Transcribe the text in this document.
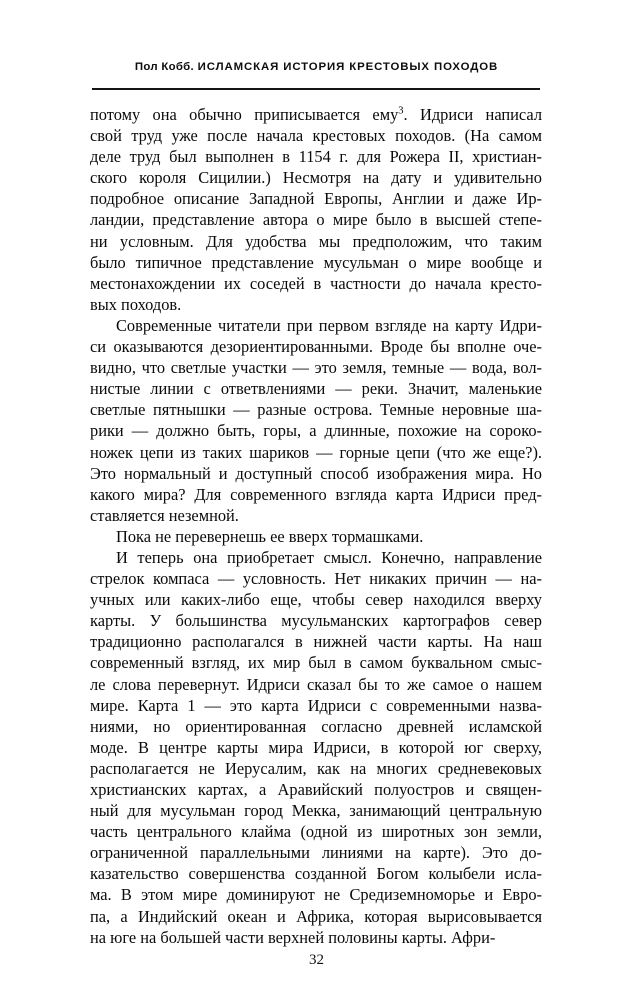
Пол Кобб. ИСЛАМСКАЯ ИСТОРИЯ КРЕСТОВЫХ ПОХОДОВ

потому она обычно приписывается ему$^3$. Идриси написал
свой труд уже после начала крестовых походов. (На самом
деле труд был выполнен в 1154 г. для Рожера II, христиан-
ского короля Сицилии.) Несмотря на дату и удивительно
подробное описание Западной Европы, Англии и даже Ир-
ландии, представление автора о мире было в высшей степе-
ни условным. Для удобства мы предположим, что таким
было типичное представление мусульман о мире вообще и
местонахождении их соседей в частности до начала кресто-
вых походов.

Современные читатели при первом взгляде на карту Идри-
си оказываются дезориентированными. Вроде бы вполне оче-
видно, что светлые участки — это земля, темные — вода, вол-
нистые линии с ответвлениями — реки. Значит, маленькие
светлые пятнышки — разные острова. Темные неровные ша-
рики — должно быть, горы, а длинные, похожие на сороко-
ножек цепи из таких шариков — горные цепи (что же еще?).
Это нормальный и доступный способ изображения мира. Но
какого мира? Для современного взгляда карта Идриси пред-
ставляется неземной.

Пока не перевернешь ее вверх тормашками.

И теперь она приобретает смысл. Конечно, направление
стрелок компаса — условность. Нет никаких причин — на-
учных или каких-либо еще, чтобы север находился вверху
карты. У большинства мусульманских картографов север
традиционно располагался в нижней части карты. На наш
современный взгляд, их мир был в самом буквальном смыс-
ле слова перевернут. Идриси сказал бы то же самое о нашем
мире. Карта 1 — это карта Идриси с современными назва-
ниями, но ориентированная согласно древней исламской
моде. В центре карты мира Идриси, в которой юг сверху,
располагается не Иерусалим, как на многих средневековых
христианских картах, а Аравийский полуостров и священ-
ный для мусульман город Мекка, занимающий центральную
часть центрального клайма (одной из широтных зон земли,
ограниченной параллельными линиями на карте). Это до-
казательство совершенства созданной Богом колыбели исла-
ма. В этом мире доминируют не Средиземноморье и Евро-
па, а Индийский океан и Африка, которая вырисовывается
на юге на большей части верхней половины карты. Афри-

32
